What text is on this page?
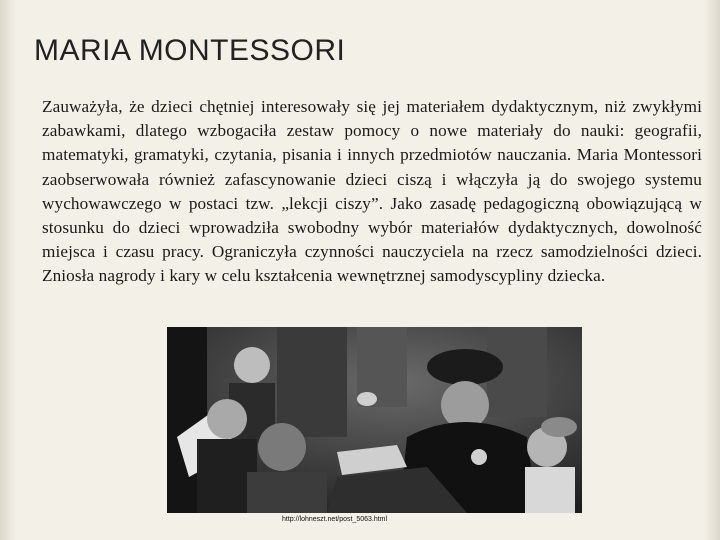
MARIA MONTESSORI
Zauważyła, że dzieci chętniej interesowały się jej materiałem dydaktycznym, niż zwykłymi zabawkami, dlatego wzbogaciła zestaw pomocy o nowe materiały do nauki: geografii, matematyki, gramatyki, czytania, pisania i innych przedmiotów nauczania. Maria Montessori zaobserwowała również zafascynowanie dzieci ciszą i włączyła ją do swojego systemu wychowawczego w postaci tzw. „lekcji ciszy”. Jako zasadę pedagogiczną obowiązującą w stosunku do dzieci wprowadziła swobodny wybór materiałów dydaktycznych, dowolność miejsca i czasu pracy. Ograniczyła czynności nauczyciela na rzecz samodzielności dzieci. Zniosła nagrody i kary w celu kształcenia wewnętrznej samodyscypliny dziecka.
http://lohneszt.net/post_5063.html
